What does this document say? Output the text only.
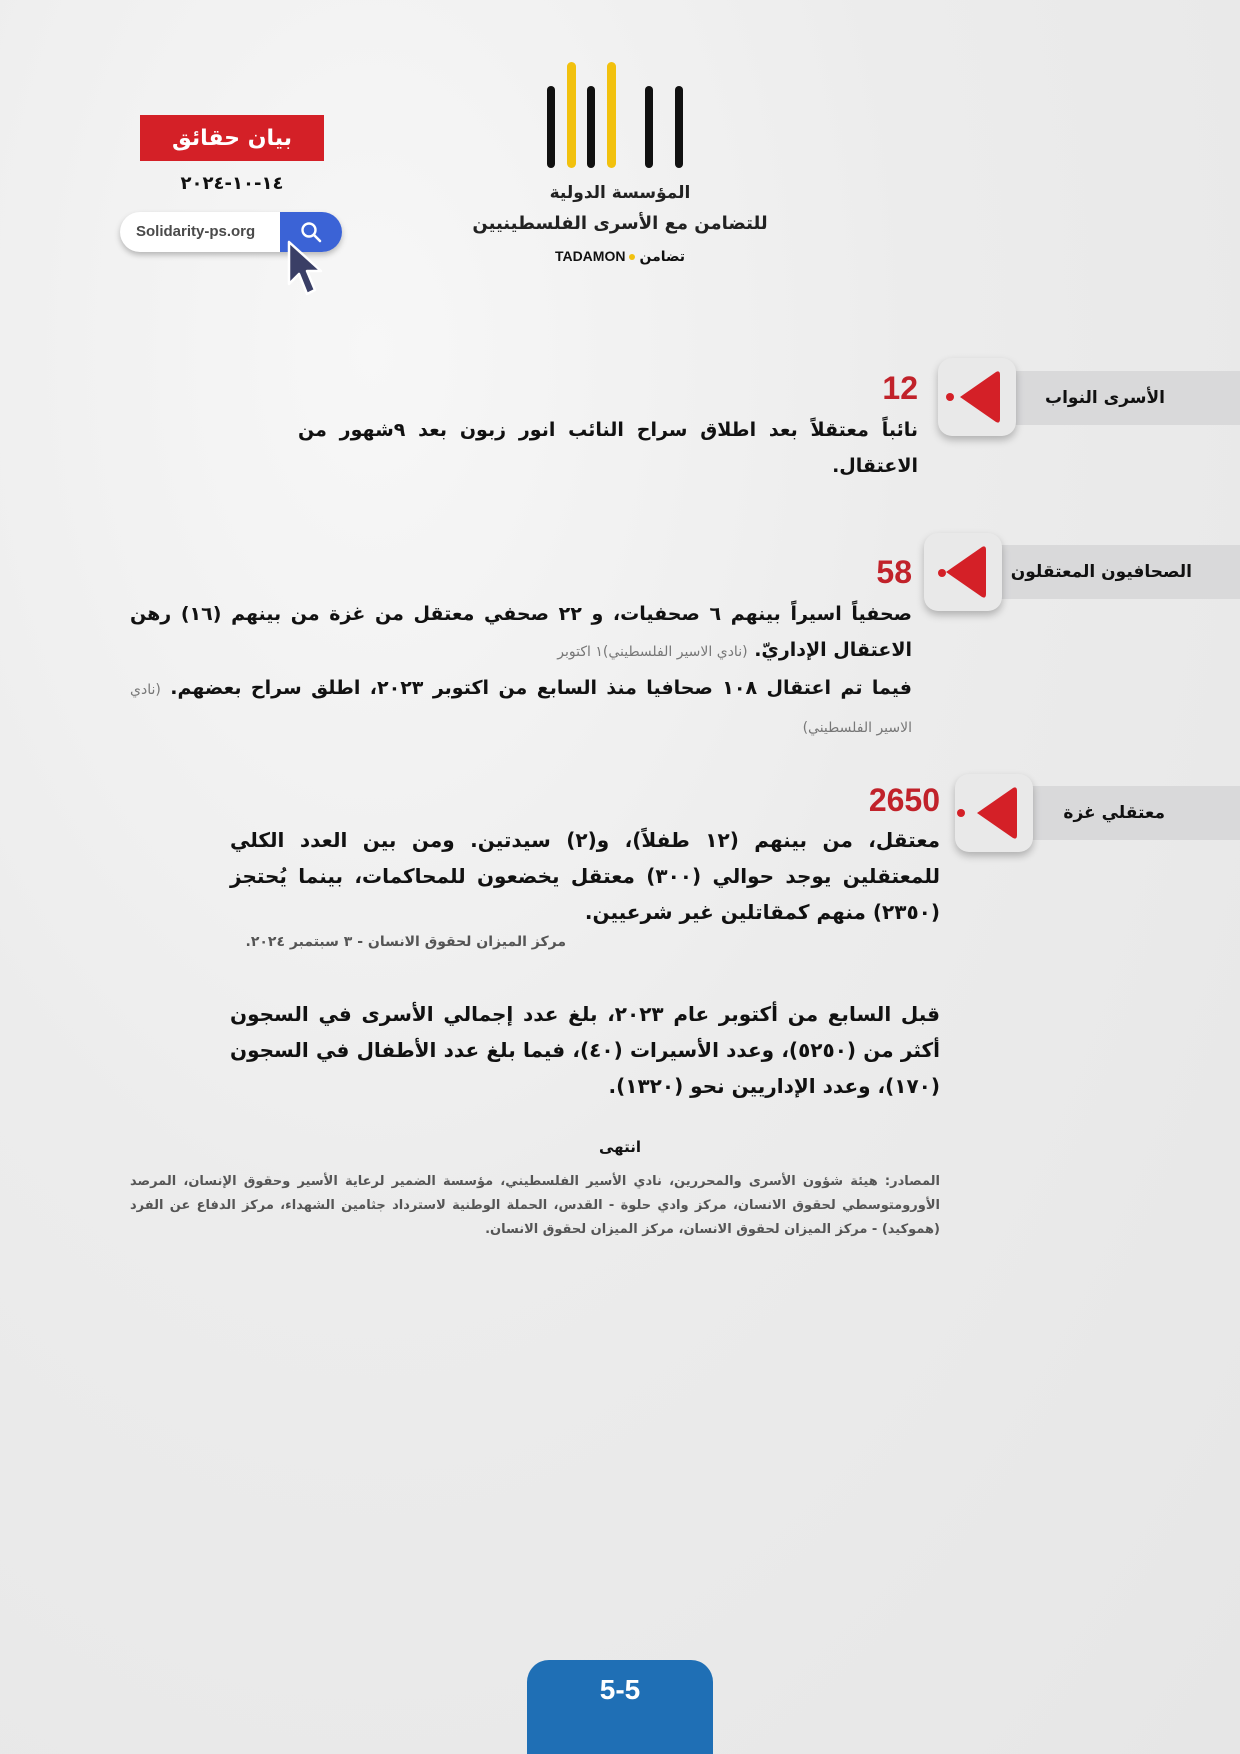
المؤسسة الدولية
للتضامن مع الأسرى الفلسطينيين
TADAMON تضامن
بيان حقائق
١٤-١٠-٢٠٢٤
Solidarity-ps.org
الأسرى النواب
12
نائباً معتقلاً بعد اطلاق سراح النائب انور زبون بعد ٩شهور من الاعتقال.
الصحافيون المعتقلون
58
صحفياً اسيراً بينهم ٦ صحفيات، و ٢٢ صحفي معتقل من غزة من بينهم (١٦) رهن الاعتقال الإداريّ. (نادي الاسير الفلسطيني)١ اكتوبر
فيما تم اعتقال ١٠٨ صحافيا منذ السابع من اكتوبر ٢٠٢٣، اطلق سراح بعضهم. (نادي الاسير الفلسطيني)
معتقلي غزة
2650
معتقل، من بينهم (١٢ طفلاً)، و(٢) سيدتين. ومن بين العدد الكلي للمعتقلين يوجد حوالي (٣٠٠) معتقل يخضعون للمحاكمات، بينما يُحتجز (٢٣٥٠) منهم كمقاتلين غير شرعيين.
مركز الميزان لحقوق الانسان - ٣ سبتمبر ٢٠٢٤.
قبل السابع من أكتوبر عام ٢٠٢٣، بلغ عدد إجمالي الأسرى في السجون أكثر من (٥٢٥٠)، وعدد الأسيرات (٤٠)، فيما بلغ عدد الأطفال في السجون (١٧٠)، وعدد الإداريين نحو (١٣٢٠).
انتهى
المصادر: هيئة شؤون الأسرى والمحررين، نادي الأسير الفلسطيني، مؤسسة الضمير لرعاية الأسير وحقوق الإنسان، المرصد الأورومتوسطي لحقوق الانسان، مركز وادي حلوة - القدس، الحملة الوطنية لاسترداد جثامين الشهداء، مركز الدفاع عن الفرد (هموكيد) - مركز الميزان لحقوق الانسان، مركز الميزان لحقوق الانسان.
5-5
